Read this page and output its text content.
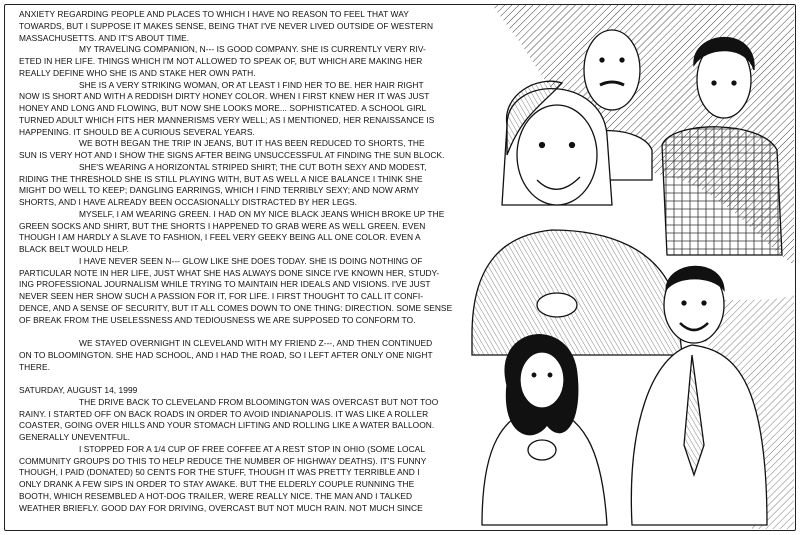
ANXIETY REGARDING PEOPLE AND PLACES TO WHICH I HAVE NO REASON TO FEEL THAT WAY
TOWARDS, BUT I SUPPOSE IT MAKES SENSE, BEING THAT I'VE NEVER LIVED OUTSIDE OF WESTERN
MASSACHUSETTS. AND IT'S ABOUT TIME.
MY TRAVELING COMPANION, N--- IS GOOD COMPANY. SHE IS CURRENTLY VERY RIV-
ETED IN HER LIFE. THINGS WHICH I'M NOT ALLOWED TO SPEAK OF, BUT WHICH ARE MAKING HER
REALLY DEFINE WHO SHE IS AND STAKE HER OWN PATH.
SHE IS A VERY STRIKING WOMAN, OR AT LEAST I FIND HER TO BE. HER HAIR RIGHT
NOW IS SHORT AND WITH A REDDISH DIRTY HONEY COLOR. WHEN I FIRST KNEW HER IT WAS JUST
HONEY AND LONG AND FLOWING, BUT NOW SHE LOOKS MORE... SOPHISTICATED. A SCHOOL GIRL
TURNED ADULT WHICH FITS HER MANNERISMS VERY WELL; AS I MENTIONED, HER RENAISSANCE IS
HAPPENING. IT SHOULD BE A CURIOUS SEVERAL YEARS.
WE BOTH BEGAN THE TRIP IN JEANS, BUT IT HAS BEEN REDUCED TO SHORTS, THE
SUN IS VERY HOT AND I SHOW THE SIGNS AFTER BEING UNSUCCESSFUL AT FINDING THE SUN BLOCK.
SHE'S WEARING A HORIZONTAL STRIPED SHIRT; THE CUT BOTH SEXY AND MODEST,
RIDING THE THRESHOLD SHE IS STILL PLAYING WITH, BUT AS WELL A NICE BALANCE I THINK SHE
MIGHT DO WELL TO KEEP; DANGLING EARRINGS, WHICH I FIND TERRIBLY SEXY; AND NOW ARMY
SHORTS, AND I HAVE ALREADY BEEN OCCASIONALLY DISTRACTED BY HER LEGS.
MYSELF, I AM WEARING GREEN. I HAD ON MY NICE BLACK JEANS WHICH BROKE UP THE
GREEN SOCKS AND SHIRT, BUT THE SHORTS I HAPPENED TO GRAB WERE AS WELL GREEN. EVEN
THOUGH I AM HARDLY A SLAVE TO FASHION, I FEEL VERY GEEKY BEING ALL ONE COLOR. EVEN A
BLACK BELT WOULD HELP.
I HAVE NEVER SEEN N--- GLOW LIKE SHE DOES TODAY. SHE IS DOING NOTHING OF
PARTICULAR NOTE IN HER LIFE, JUST WHAT SHE HAS ALWAYS DONE SINCE I'VE KNOWN HER, STUDY-
ING PROFESSIONAL JOURNALISM WHILE TRYING TO MAINTAIN HER IDEALS AND VISIONS. I'VE JUST
NEVER SEEN HER SHOW SUCH A PASSION FOR IT, FOR LIFE. I FIRST THOUGHT TO CALL IT CONFI-
DENCE, AND A SENSE OF SECURITY, BUT IT ALL COMES DOWN TO ONE THING: DIRECTION. SOME SENSE
OF BREAK FROM THE USELESSNESS AND TEDIOUSNESS WE ARE SUPPOSED TO CONFORM TO.
WE STAYED OVERNIGHT IN CLEVELAND WITH MY FRIEND Z---, AND THEN CONTINUED
ON TO BLOOMINGTON. SHE HAD SCHOOL, AND I HAD THE ROAD, SO I LEFT AFTER ONLY ONE NIGHT
THERE.
SATURDAY, AUGUST 14, 1999
THE DRIVE BACK TO CLEVELAND FROM BLOOMINGTON WAS OVERCAST BUT NOT TOO
RAINY. I STARTED OFF ON BACK ROADS IN ORDER TO AVOID INDIANAPOLIS. IT WAS LIKE A ROLLER
COASTER, GOING OVER HILLS AND YOUR STOMACH LIFTING AND ROLLING LIKE A WATER BALLOON.
GENERALLY UNEVENTFUL.
I STOPPED FOR A 1/4 CUP OF FREE COFFEE AT A REST STOP IN OHIO (SOME LOCAL
COMMUNITY GROUPS DO THIS TO HELP REDUCE THE NUMBER OF HIGHWAY DEATHS). IT'S FUNNY
THOUGH, I PAID (DONATED) 50 CENTS FOR THE STUFF, THOUGH IT WAS PRETTY TERRIBLE AND I
ONLY DRANK A FEW SIPS IN ORDER TO STAY AWAKE. BUT THE ELDERLY COUPLE RUNNING THE
BOOTH, WHICH RESEMBLED A HOT-DOG TRAILER, WERE REALLY NICE. THE MAN AND I TALKED
WEATHER BRIEFLY. GOOD DAY FOR DRIVING, OVERCAST BUT NOT MUCH RAIN. NOT MUCH SINCE
